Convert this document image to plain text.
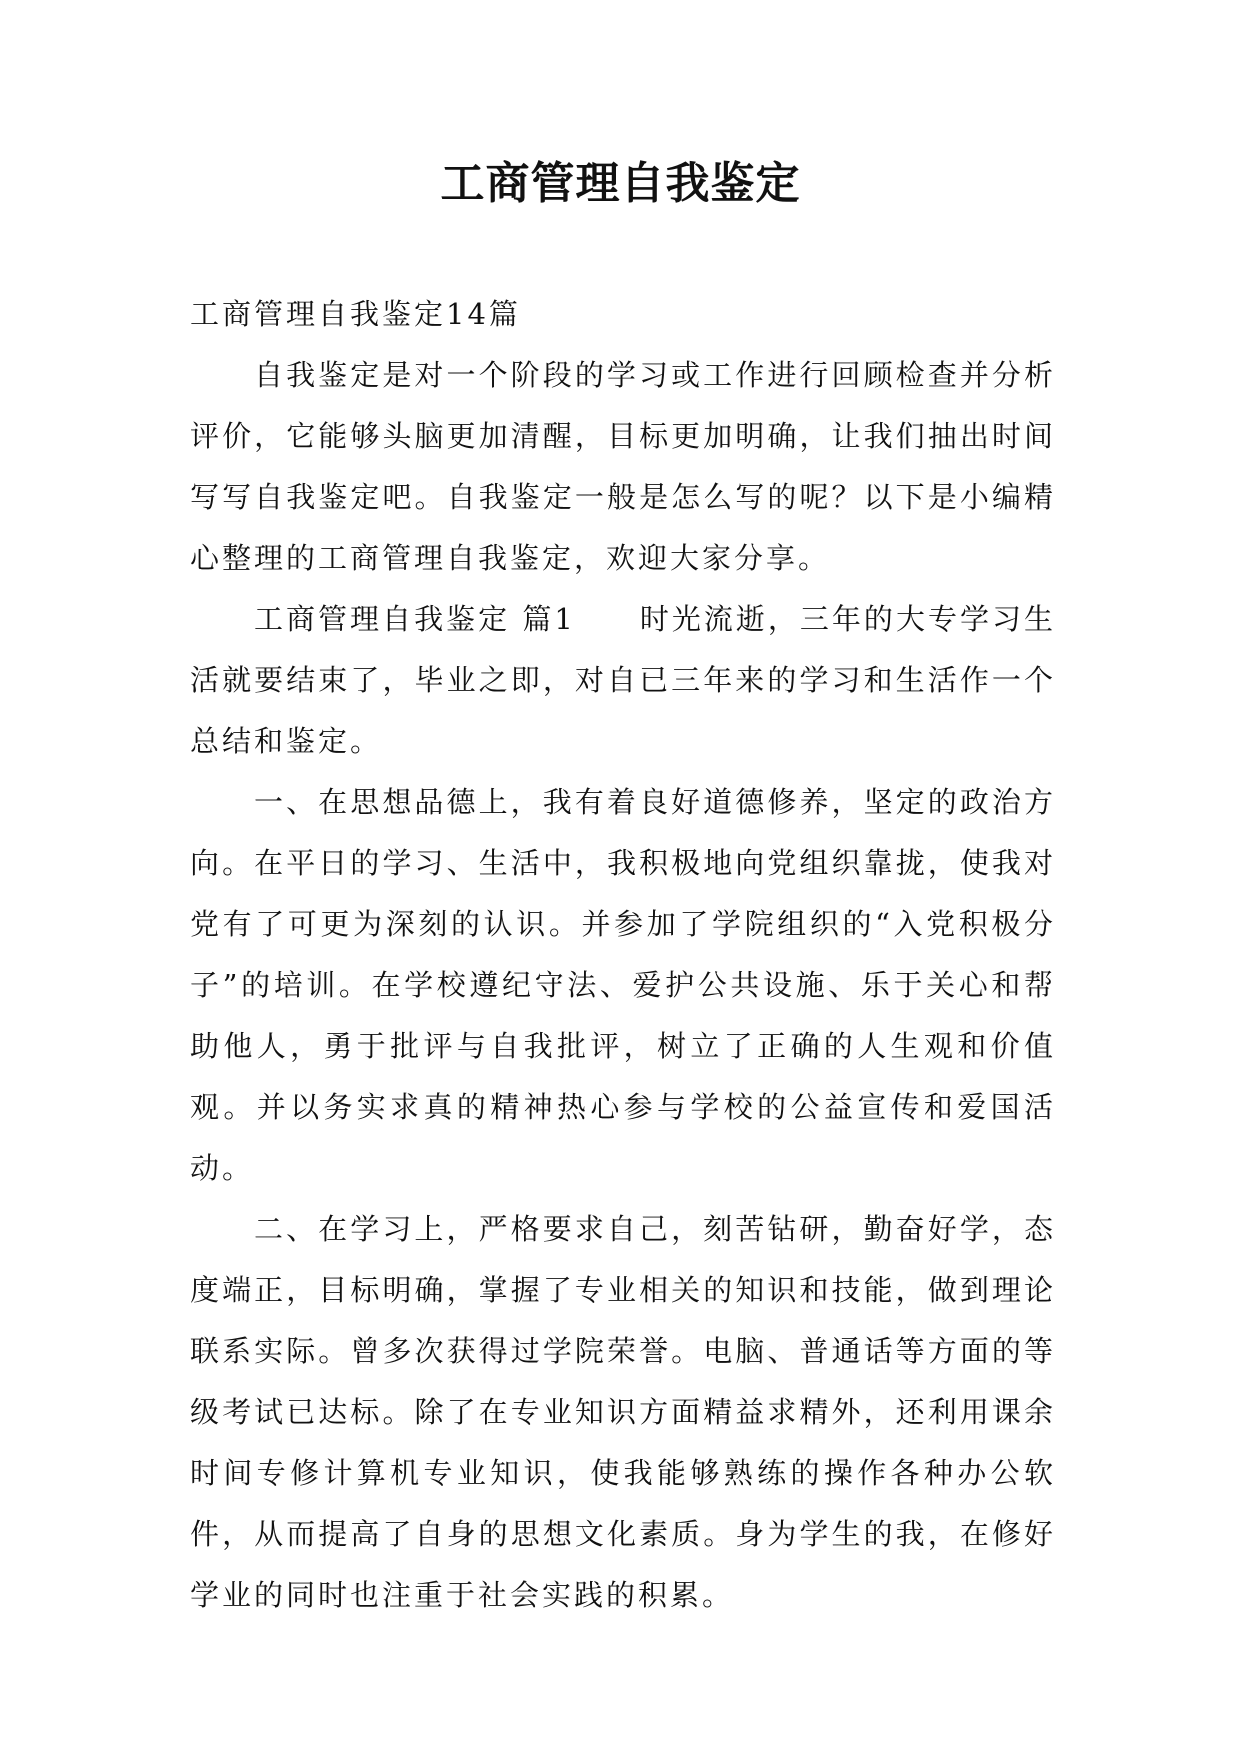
工商管理自我鉴定

工商管理自我鉴定14篇

自我鉴定是对一个阶段的学习或工作进行回顾检查并分析评价，它能够头脑更加清醒，目标更加明确，让我们抽出时间写写自我鉴定吧。自我鉴定一般是怎么写的呢？以下是小编精心整理的工商管理自我鉴定，欢迎大家分享。

工商管理自我鉴定 篇1　　时光流逝，三年的大专学习生活就要结束了，毕业之即，对自已三年来的学习和生活作一个总结和鉴定。

一、在思想品德上，我有着良好道德修养，坚定的政治方向。在平日的学习、生活中，我积极地向党组织靠拢，使我对党有了可更为深刻的认识。并参加了学院组织的“入党积极分子”的培训。在学校遵纪守法、爱护公共设施、乐于关心和帮助他人，勇于批评与自我批评，树立了正确的人生观和价值观。并以务实求真的精神热心参与学校的公益宣传和爱国活动。

二、在学习上，严格要求自己，刻苦钻研，勤奋好学，态度端正，目标明确，掌握了专业相关的知识和技能，做到理论联系实际。曾多次获得过学院荣誉。电脑、普通话等方面的等级考试已达标。除了在专业知识方面精益求精外，还利用课余时间专修计算机专业知识，使我能够熟练的操作各种办公软件，从而提高了自身的思想文化素质。身为学生的我，在修好学业的同时也注重于社会实践的积累。
